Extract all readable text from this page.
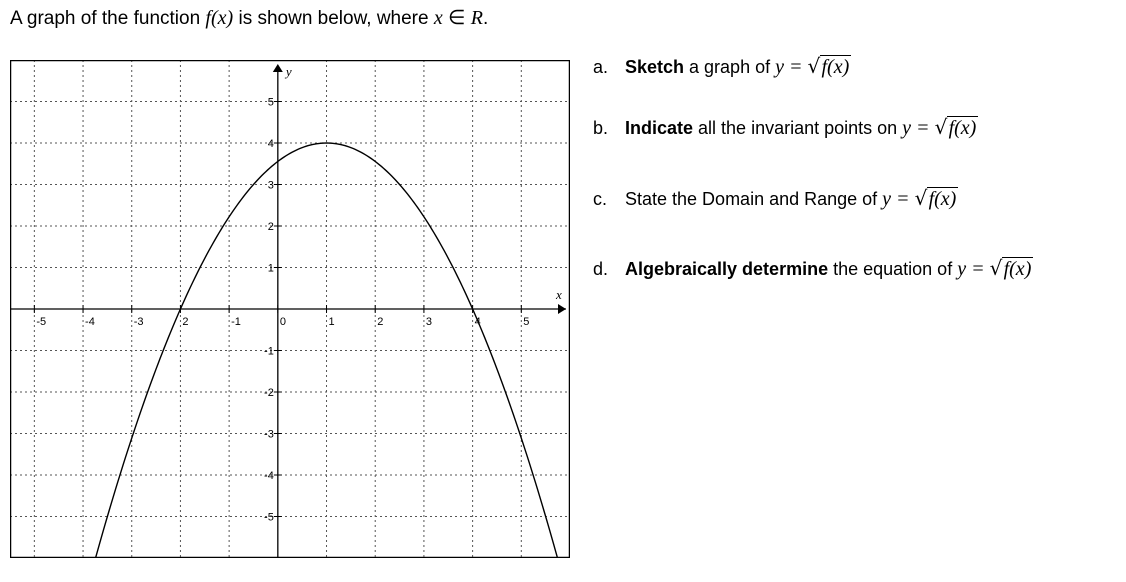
A graph of the function f(x) is shown below, where x ∈ R.
x
y
-5	-4	-3	2	-1	0	1	2	3	4	5
5
4
3
2
1
-1
-2
-3
-4
-5
a. Sketch a graph of y = √ f(x)
b. Indicate all the invariant points on y = √ f(x)
c. State the Domain and Range of y = √ f(x)
d. Algebraically determine the equation of y = √ f(x)
